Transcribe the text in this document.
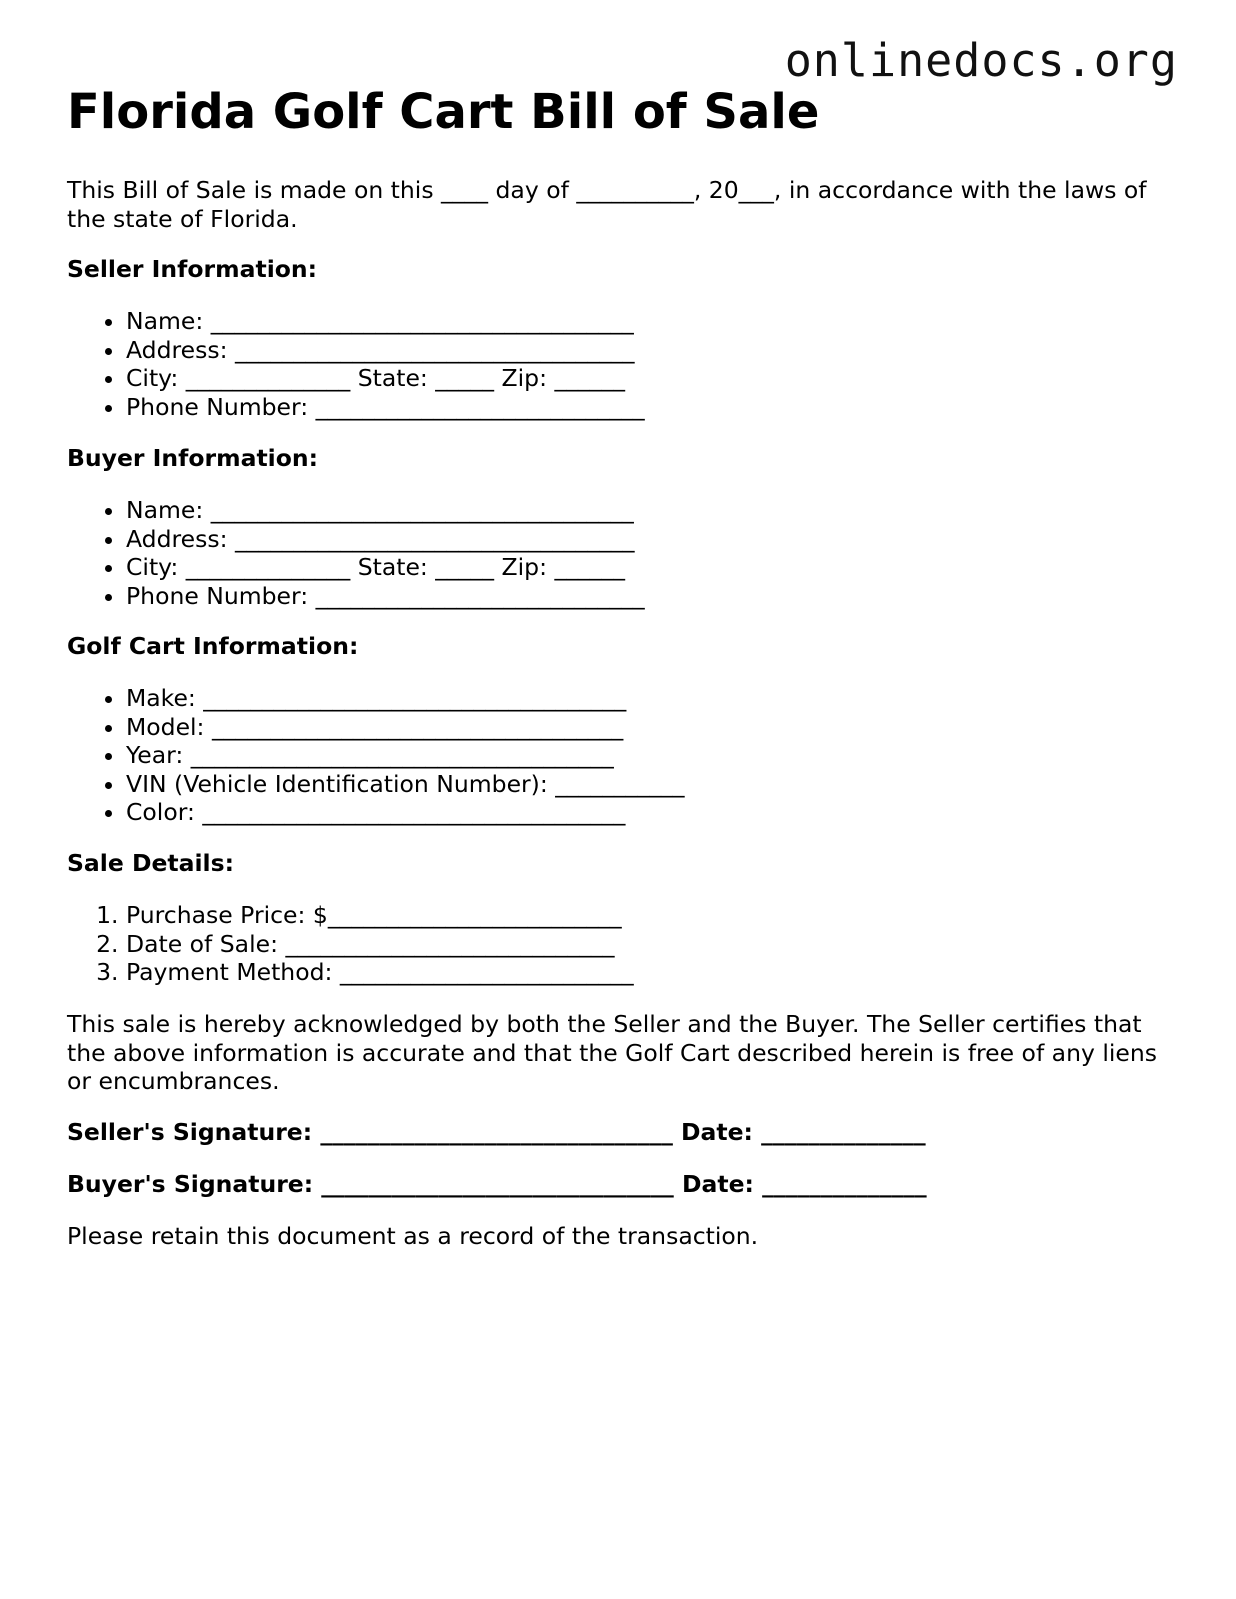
onlinedocs.org
Florida Golf Cart Bill of Sale

This Bill of Sale is made on this ____ day of __________, 20___, in accordance with the laws of the state of Florida.

Seller Information:

• Name: ____________________________________
• Address: __________________________________
• City: ______________ State: _____ Zip: ______
• Phone Number: ____________________________

Buyer Information:

• Name: ____________________________________
• Address: __________________________________
• City: ______________ State: _____ Zip: ______
• Phone Number: ____________________________

Golf Cart Information:

• Make: ____________________________________
• Model: ___________________________________
• Year: ____________________________________
• VIN (Vehicle Identification Number): ___________
• Color: ____________________________________

Sale Details:

1. Purchase Price: $_________________________
2. Date of Sale: ____________________________
3. Payment Method: _________________________

This sale is hereby acknowledged by both the Seller and the Buyer. The Seller certifies that the above information is accurate and that the Golf Cart described herein is free of any liens or encumbrances.

Seller's Signature: ______________________________ Date: ______________

Buyer's Signature: ______________________________ Date: ______________

Please retain this document as a record of the transaction.
